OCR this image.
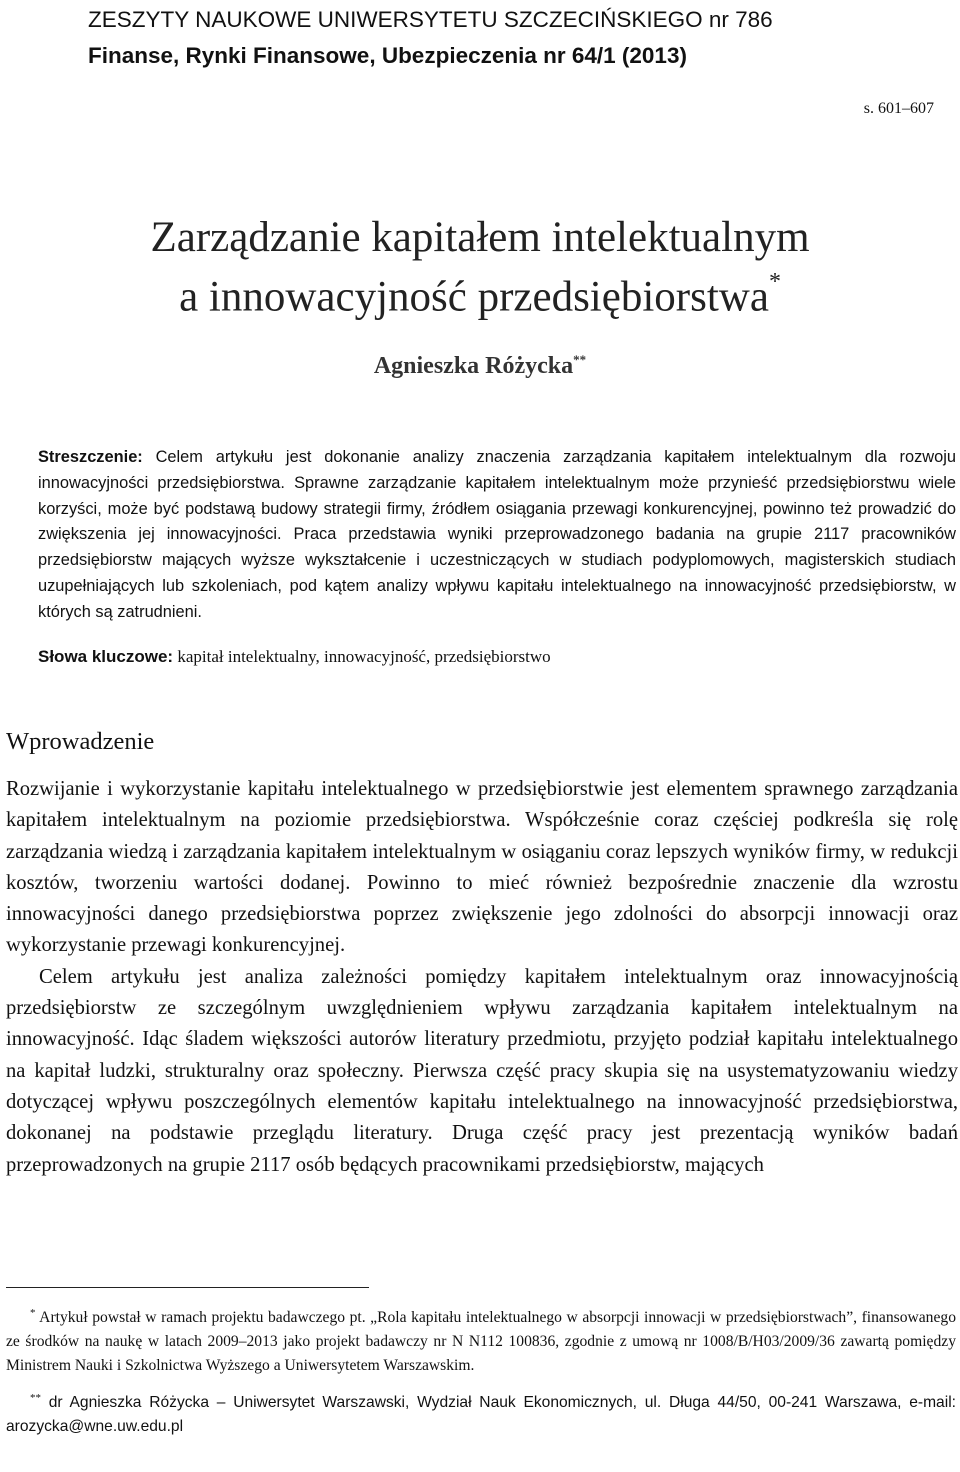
ZESZYTY NAUKOWE UNIWERSYTETU SZCZECIŃSKIEGO nr 786
Finanse, Rynki Finansowe, Ubezpieczenia nr 64/1 (2013)
s. 601–607
Zarządzanie kapitałem intelektualnym
a innowacyjność przedsiębiorstwa*
Agnieszka Różycka**
Streszczenie: Celem artykułu jest dokonanie analizy znaczenia zarządzania kapitałem intelektualnym dla rozwoju innowacyjności przedsiębiorstwa. Sprawne zarządzanie kapitałem intelektualnym może przynieść przedsiębiorstwu wiele korzyści, może być podstawą budowy strategii firmy, źródłem osiągania przewagi konkurencyjnej, powinno też prowadzić do zwiększenia jej innowacyjności. Praca przedstawia wyniki przeprowadzonego badania na grupie 2117 pracowników przedsiębiorstw mających wyższe wykształcenie i uczestniczących w studiach podyplomowych, magisterskich studiach uzupełniających lub szkoleniach, pod kątem analizy wpływu kapitału intelektualnego na innowacyjność przedsiębiorstw, w których są zatrudnieni.
Słowa kluczowe: kapitał intelektualny, innowacyjność, przedsiębiorstwo
Wprowadzenie

Rozwijanie i wykorzystanie kapitału intelektualnego w przedsiębiorstwie jest elementem sprawnego zarządzania kapitałem intelektualnym na poziomie przedsiębiorstwa. Współcześnie coraz częściej podkreśla się rolę zarządzania wiedzą i zarządzania kapitałem intelektualnym w osiąganiu coraz lepszych wyników firmy, w redukcji kosztów, tworzeniu wartości dodanej. Powinno to mieć również bezpośrednie znaczenie dla wzrostu innowacyjności danego przedsiębiorstwa poprzez zwiększenie jego zdolności do absorpcji innowacji oraz wykorzystanie przewagi konkurencyjnej.

Celem artykułu jest analiza zależności pomiędzy kapitałem intelektualnym oraz innowacyjnością przedsiębiorstw ze szczególnym uwzględnieniem wpływu zarządzania kapitałem intelektualnym na innowacyjność. Idąc śladem większości autorów literatury przedmiotu, przyjęto podział kapitału intelektualnego na kapitał ludzki, strukturalny oraz społeczny. Pierwsza część pracy skupia się na usystematyzowaniu wiedzy dotyczącej wpływu poszczególnych elementów kapitału intelektualnego na innowacyjność przedsiębiorstwa, dokonanej na podstawie przeglądu literatury. Druga część pracy jest prezentacją wyników badań przeprowadzonych na grupie 2117 osób będących pracownikami przedsiębiorstw, mających

* Artykuł powstał w ramach projektu badawczego pt. „Rola kapitału intelektualnego w absorpcji innowacji w przedsiębiorstwach”, finansowanego ze środków na naukę w latach 2009–2013 jako projekt badawczy nr N N112 100836, zgodnie z umową nr 1008/B/H03/2009/36 zawartą pomiędzy Ministrem Nauki i Szkolnictwa Wyższego a Uniwersytetem Warszawskim.

** dr Agnieszka Różycka – Uniwersytet Warszawski, Wydział Nauk Ekonomicznych, ul. Długa 44/50, 00-241 Warszawa, e-mail: arozycka@wne.uw.edu.pl
